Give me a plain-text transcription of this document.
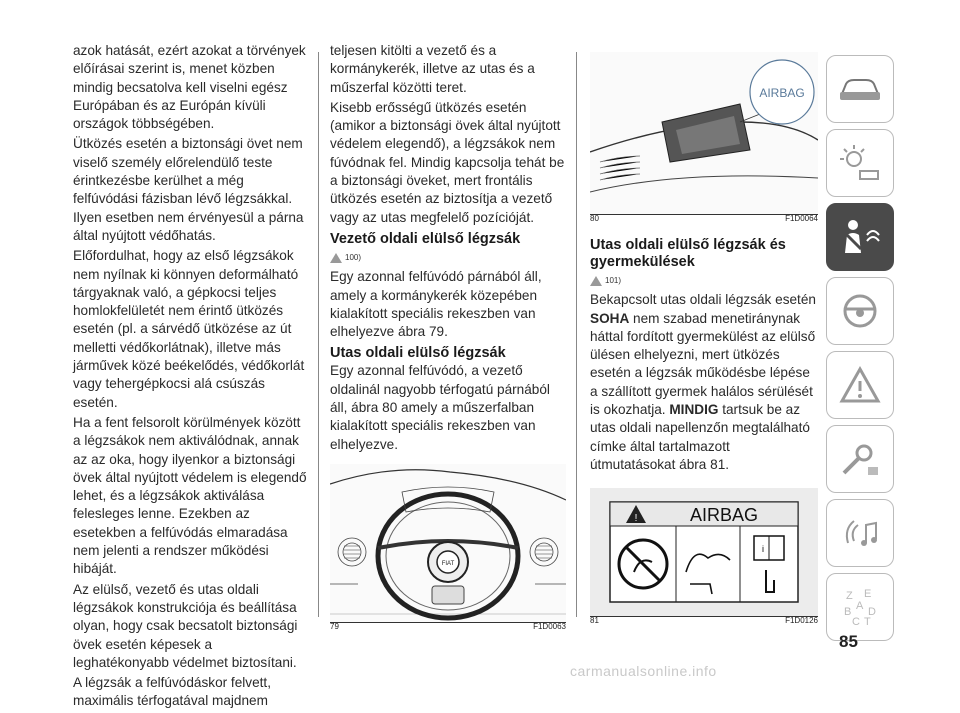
azok hatását, ezért azokat a törvények előírásai szerint is, menet közben mindig becsatolva kell viselni egész Európában és az Európán kívüli országok többségében.

Ütközés esetén a biztonsági övet nem viselő személy előrelendülő teste érintkezésbe kerülhet a még felfúvódási fázisban lévő légzsákkal. Ilyen esetben nem érvényesül a párna által nyújtott védőhatás.

Előfordulhat, hogy az első légzsákok nem nyílnak ki könnyen deformálható tárgyaknak való, a gépkocsi teljes homlokfelületét nem érintő ütközés esetén (pl. a sárvédő ütközése az út melletti védőkorlátnak), illetve más járművek közé beékelődés, védőkorlát vagy tehergépkocsi alá csúszás esetén.

Ha a fent felsorolt körülmények között a légzsákok nem aktiválódnak, annak az az oka, hogy ilyenkor a biztonsági övek által nyújtott védelem is elegendő lehet, és a légzsákok aktiválása felesleges lenne. Ezekben az esetekben a felfúvódás elmaradása nem jelenti a rendszer működési hibáját.

Az elülső, vezető és utas oldali légzsákok konstrukciója és beállítása olyan, hogy csak becsatolt biztonsági övek esetén képesek a leghatékonyabb védelmet biztosítani.

A légzsák a felfúvódáskor felvett, maximális térfogatával majdnem

teljesen kitölti a vezető és a kormánykerék, illetve az utas és a műszerfal közötti teret.

Kisebb erősségű ütközés esetén (amikor a biztonsági övek által nyújtott védelem elegendő), a légzsákok nem fúvódnak fel. Mindig kapcsolja tehát be a biztonsági öveket, mert frontális ütközés esetén az biztosítja a vezető vagy az utas megfelelő pozícióját.

Vezető oldali elülső légzsák
100)

Egy azonnal felfúvódó párnából áll, amely a kormánykerék közepében kialakított speciális rekeszben van elhelyezve ábra 79.

Utas oldali elülső légzsák

Egy azonnal felfúvódó, a vezető oldalinál nagyobb térfogatú párnából áll, ábra 80 amely a műszerfalban kialakított speciális rekeszben van elhelyezve.

FIAT
79	F1D0063
AIRBAG
80	F1D0064
Utas oldali elülső légzsák és gyermekülések
101)

Bekapcsolt utas oldali légzsák esetén SOHA nem szabad menetiránynak háttal fordított gyermekülést az elülső ülésen elhelyezni, mert ütközés esetén a légzsák működésbe lépése a szállított gyermek halálos sérülését is okozhatja. MINDIG tartsuk be az utas oldali napellenzőn megtalálható címke által tartalmazott útmutatásokat ábra 81.

!	AIRBAG
i
81	F1D0126
Z E
A
B D
C T
85
carmanualsonline.info
